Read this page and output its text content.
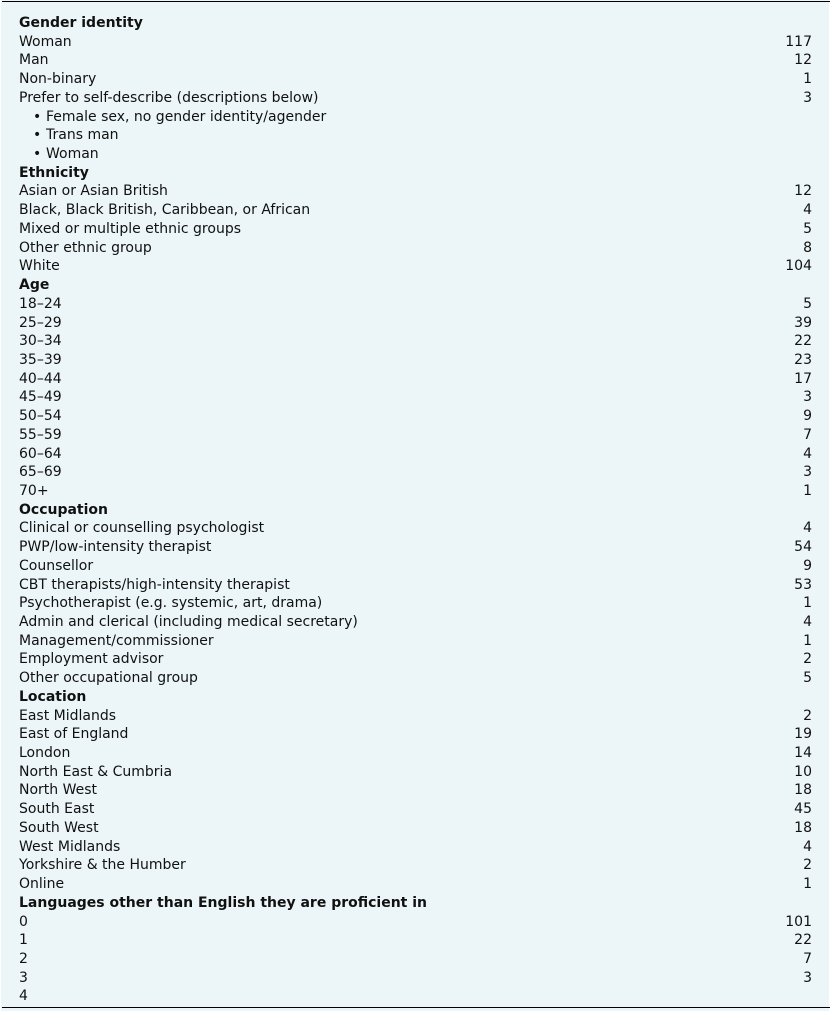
Gender identity
Woman	117
Man	12
Non-binary	1
Prefer to self-describe (descriptions below)	3
• Female sex, no gender identity/agender
• Trans man
• Woman
Ethnicity
Asian or Asian British	12
Black, Black British, Caribbean, or African	4
Mixed or multiple ethnic groups	5
Other ethnic group	8
White	104
Age
18–24	5
25–29	39
30–34	22
35–39	23
40–44	17
45–49	3
50–54	9
55–59	7
60–64	4
65–69	3
70+	1
Occupation
Clinical or counselling psychologist	4
PWP/low-intensity therapist	54
Counsellor	9
CBT therapists/high-intensity therapist	53
Psychotherapist (e.g. systemic, art, drama)	1
Admin and clerical (including medical secretary)	4
Management/commissioner	1
Employment advisor	2
Other occupational group	5
Location
East Midlands	2
East of England	19
London	14
North East & Cumbria	10
North West	18
South East	45
South West	18
West Midlands	4
Yorkshire & the Humber	2
Online	1
Languages other than English they are proficient in
0	101
1	22
2	7
3	3
4
